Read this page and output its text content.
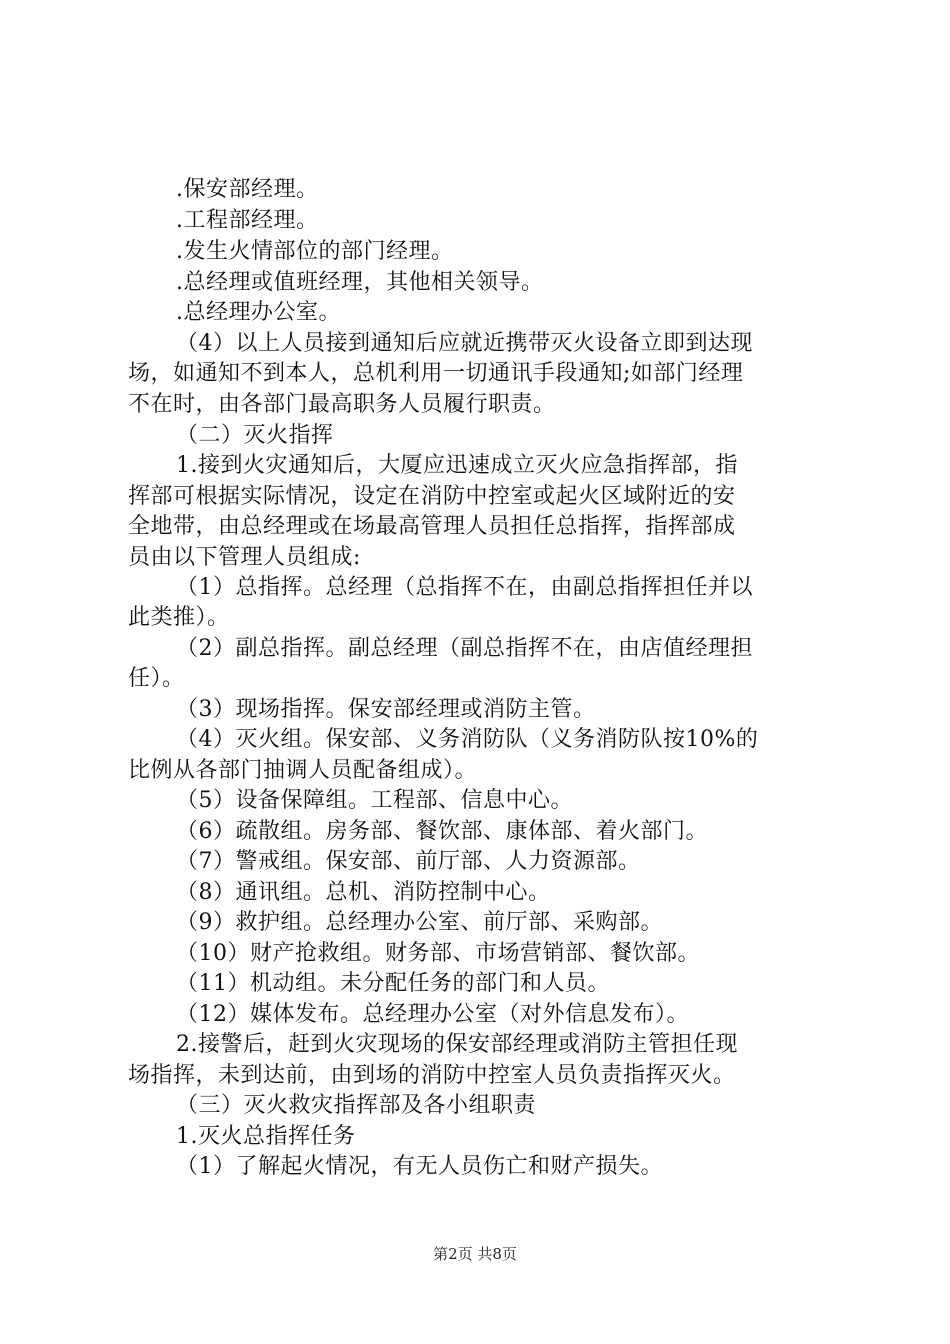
.保安部经理。
.工程部经理。
.发生火情部位的部门经理。
.总经理或值班经理，其他相关领导。
.总经理办公室。
（4）以上人员接到通知后应就近携带灭火设备立即到达现
场，如通知不到本人，总机利用一切通讯手段通知;如部门经理
不在时，由各部门最高职务人员履行职责。
（二）灭火指挥
1.接到火灾通知后，大厦应迅速成立灭火应急指挥部，指
挥部可根据实际情况，设定在消防中控室或起火区域附近的安
全地带，由总经理或在场最高管理人员担任总指挥，指挥部成
员由以下管理人员组成:
（1）总指挥。总经理（总指挥不在，由副总指挥担任并以
此类推）。
（2）副总指挥。副总经理（副总指挥不在，由店值经理担
任）。
（3）现场指挥。保安部经理或消防主管。
（4）灭火组。保安部、义务消防队（义务消防队按10%的
比例从各部门抽调人员配备组成）。
（5）设备保障组。工程部、信息中心。
（6）疏散组。房务部、餐饮部、康体部、着火部门。
（7）警戒组。保安部、前厅部、人力资源部。
（8）通讯组。总机、消防控制中心。
（9）救护组。总经理办公室、前厅部、采购部。
（10）财产抢救组。财务部、市场营销部、餐饮部。
（11）机动组。未分配任务的部门和人员。
（12）媒体发布。总经理办公室（对外信息发布）。
2.接警后，赶到火灾现场的保安部经理或消防主管担任现
场指挥，未到达前，由到场的消防中控室人员负责指挥灭火。
（三）灭火救灾指挥部及各小组职责
1.灭火总指挥任务
（1）了解起火情况，有无人员伤亡和财产损失。
第2页 共8页
